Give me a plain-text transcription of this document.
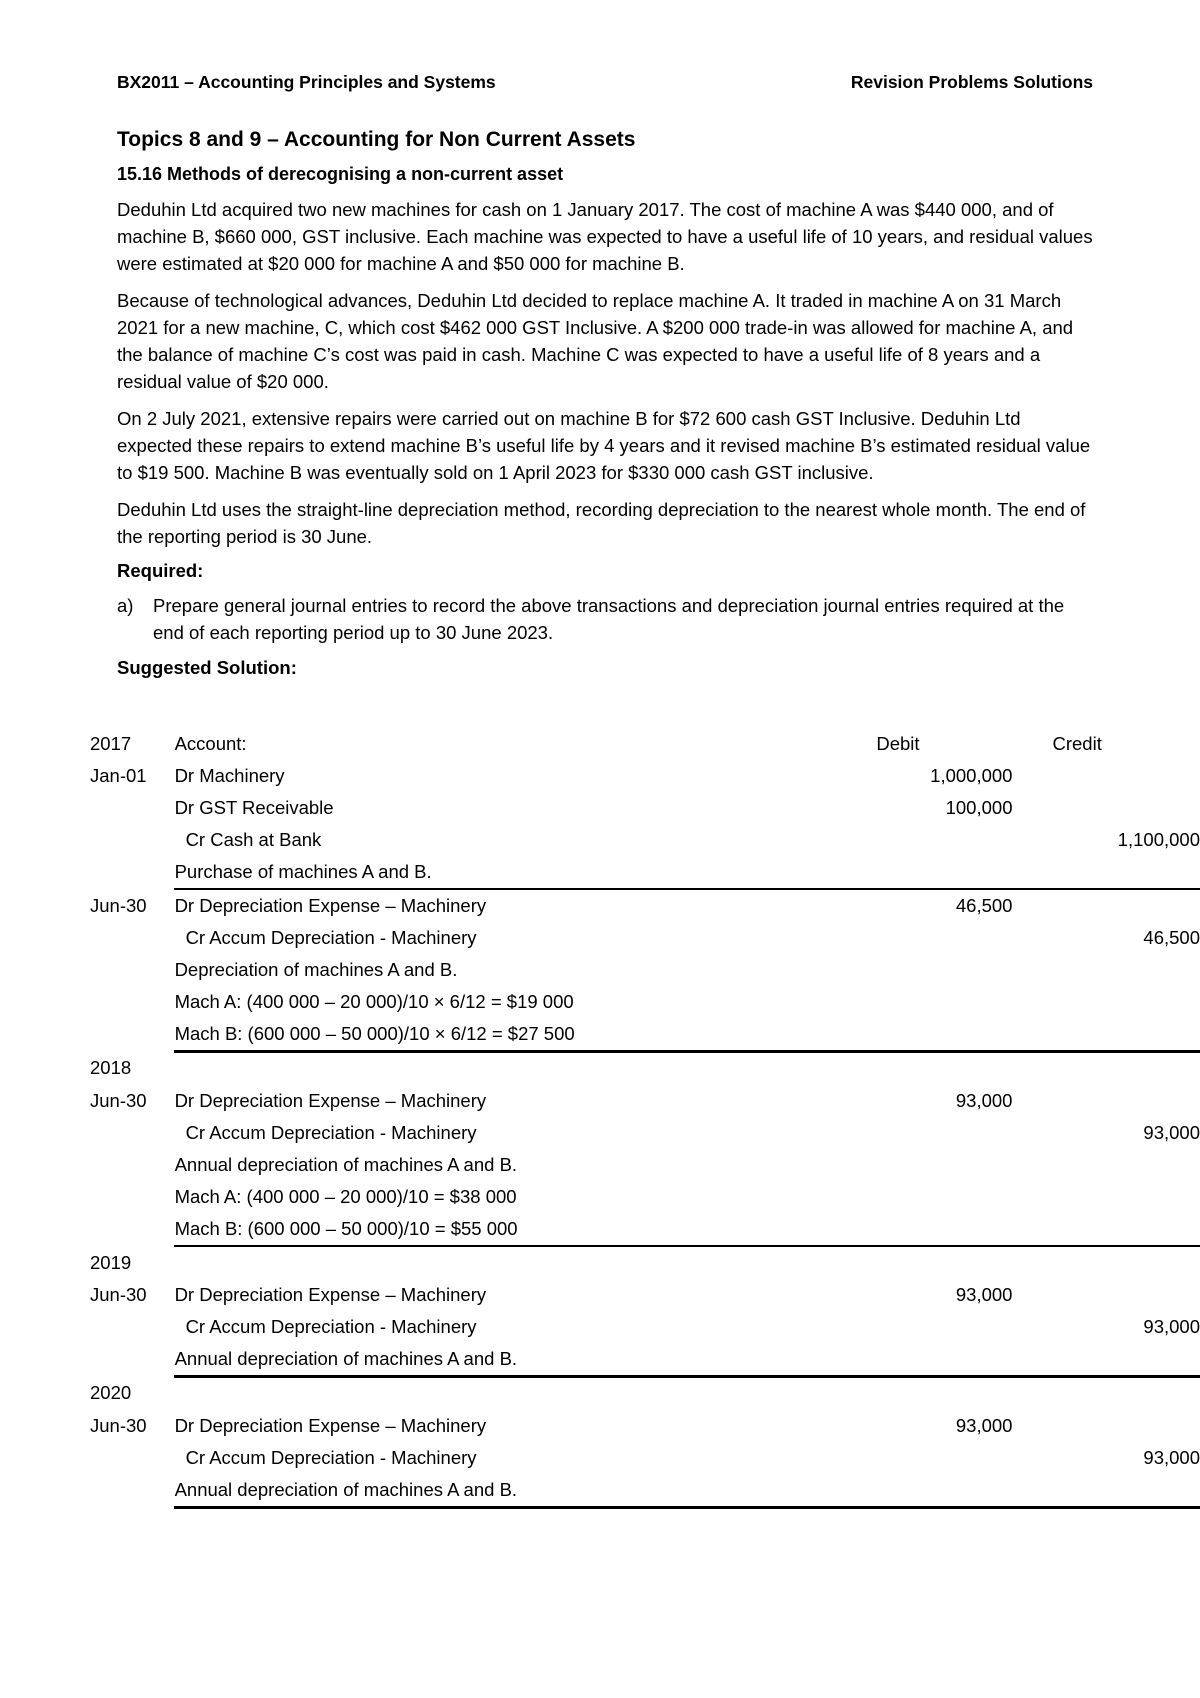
BX2011 – Accounting Principles and Systems	Revision Problems Solutions
Topics 8 and 9 – Accounting for Non Current Assets
15.16 Methods of derecognising a non-current asset

Deduhin Ltd acquired two new machines for cash on 1 January 2017. The cost of machine A was $440 000, and of machine B, $660 000, GST inclusive. Each machine was expected to have a useful life of 10 years, and residual values were estimated at $20 000 for machine A and $50 000 for machine B.

Because of technological advances, Deduhin Ltd decided to replace machine A. It traded in machine A on 31 March 2021 for a new machine, C, which cost $462 000 GST Inclusive. A $200 000 trade-in was allowed for machine A, and the balance of machine C’s cost was paid in cash. Machine C was expected to have a useful life of 8 years and a residual value of $20 000.

On 2 July 2021, extensive repairs were carried out on machine B for $72 600 cash GST Inclusive. Deduhin Ltd expected these repairs to extend machine B’s useful life by 4 years and it revised machine B’s estimated residual value to $19 500. Machine B was eventually sold on 1 April 2023 for $330 000 cash GST inclusive.

Deduhin Ltd uses the straight-line depreciation method, recording depreciation to the nearest whole month. The end of the reporting period is 30 June.

Required:
a)	Prepare general journal entries to record the above transactions and depreciation journal entries required at the end of each reporting period up to 30 June 2023.
Suggested Solution:
2017	Account:	Debit	Credit
Jan-01	Dr Machinery	1,000,000	
	Dr GST Receivable	100,000	
	Cr Cash at Bank		1,100,000
	Purchase of machines A and B.		
Jun-30	Dr Depreciation Expense – Machinery	46,500	
	Cr Accum Depreciation - Machinery		46,500
	Depreciation of machines A and B.		
	Mach A: (400 000 – 20 000)/10 × 6/12 = $19 000		
	Mach B: (600 000 – 50 000)/10 × 6/12 = $27 500		
2018			
Jun-30	Dr Depreciation Expense – Machinery	93,000	
	Cr Accum Depreciation - Machinery		93,000
	Annual depreciation of machines A and B.		
	Mach A: (400 000 – 20 000)/10 = $38 000		
	Mach B: (600 000 – 50 000)/10 = $55 000		
2019			
Jun-30	Dr Depreciation Expense – Machinery	93,000	
	Cr Accum Depreciation - Machinery		93,000
	Annual depreciation of machines A and B.		
2020			
Jun-30	Dr Depreciation Expense – Machinery	93,000	
	Cr Accum Depreciation - Machinery		93,000
	Annual depreciation of machines A and B.		
